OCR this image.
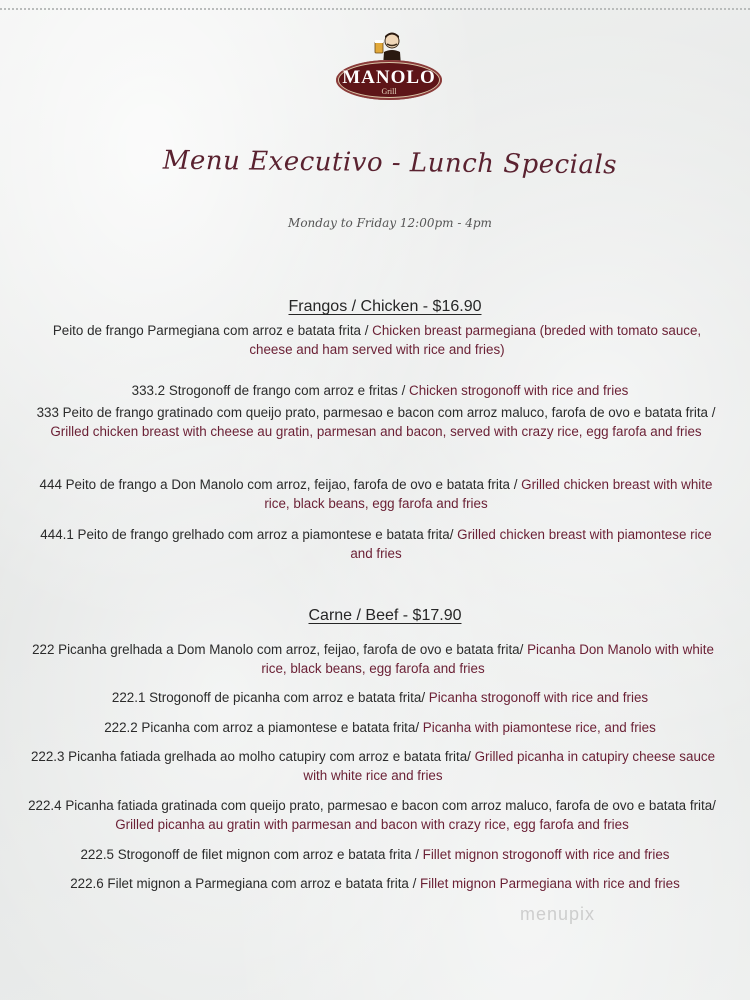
MANOLO
Grill
Menu Executivo - Lunch Specials
Monday to Friday 12:00pm - 4pm
Frangos / Chicken - $16.90
Peito de frango Parmegiana com arroz e batata frita / Chicken breast parmegiana (breded with tomato sauce, cheese and ham served with rice and fries)
333.2 Strogonoff de frango com arroz e fritas / Chicken strogonoff with rice and fries
333 Peito de frango gratinado com queijo prato, parmesao e bacon com arroz maluco, farofa de ovo e batata frita / Grilled chicken breast with cheese au gratin, parmesan and bacon, served with crazy rice, egg farofa and fries
444 Peito de frango a Don Manolo com arroz, feijao, farofa de ovo e batata frita / Grilled chicken breast with white rice, black beans, egg farofa and fries
444.1 Peito de frango grelhado com arroz a piamontese e batata frita/ Grilled chicken breast with piamontese rice and fries
Carne / Beef - $17.90
222 Picanha grelhada a Dom Manolo com arroz, feijao, farofa de ovo e batata frita/ Picanha Don Manolo with white rice, black beans, egg farofa and fries
222.1 Strogonoff de picanha com arroz e batata frita/ Picanha strogonoff with rice and fries
222.2 Picanha com arroz a piamontese e batata frita/ Picanha with piamontese rice, and fries
222.3 Picanha fatiada grelhada ao molho catupiry com arroz e batata frita/ Grilled picanha in catupiry cheese sauce with white rice and fries
222.4 Picanha fatiada gratinada com queijo prato, parmesao e bacon com arroz maluco, farofa de ovo e batata frita/ Grilled picanha au gratin with parmesan and bacon with crazy rice, egg farofa and fries
222.5 Strogonoff de filet mignon com arroz e batata frita / Fillet mignon strogonoff with rice and fries
222.6 Filet mignon a Parmegiana com arroz e batata frita / Fillet mignon Parmegiana with rice and fries
menupix
